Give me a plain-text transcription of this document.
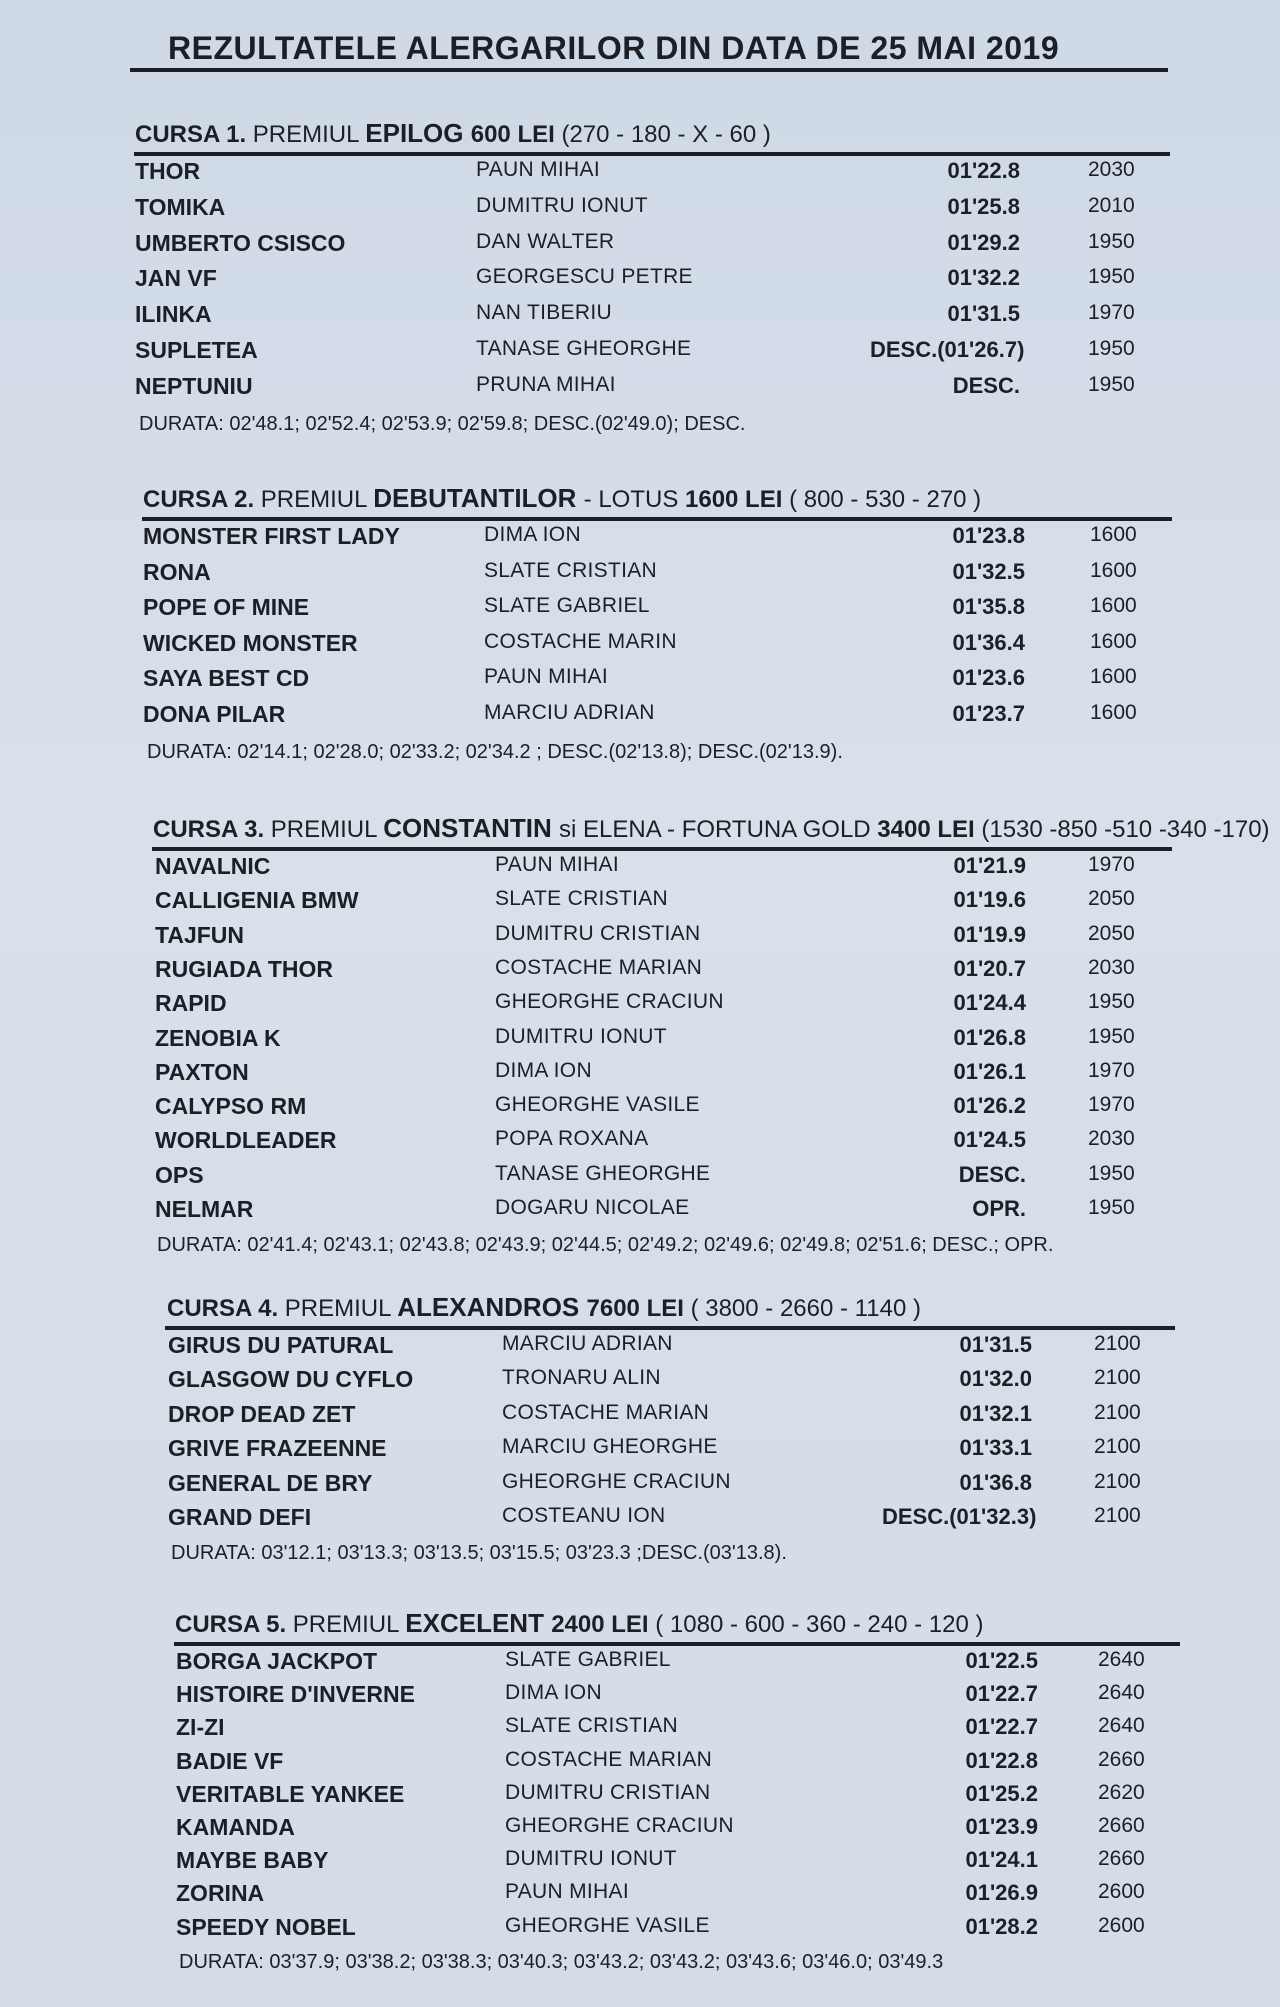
REZULTATELE ALERGARILOR DIN DATA DE 25 MAI 2019
CURSA 1. PREMIUL EPILOG 600 LEI (270 - 180 - X - 60 )
THOR	PAUN MIHAI	01'22.8	2030
TOMIKA	DUMITRU IONUT	01'25.8	2010
UMBERTO CSISCO	DAN WALTER	01'29.2	1950
JAN VF	GEORGESCU PETRE	01'32.2	1950
ILINKA	NAN TIBERIU	01'31.5	1970
SUPLETEA	TANASE GHEORGHE	DESC.(01'26.7)	1950
NEPTUNIU	PRUNA MIHAI	DESC.	1950
DURATA: 02'48.1; 02'52.4; 02'53.9; 02'59.8; DESC.(02'49.0); DESC.
CURSA 2. PREMIUL DEBUTANTILOR - LOTUS 1600 LEI ( 800 - 530 - 270 )
MONSTER FIRST LADY	DIMA ION	01'23.8	1600
RONA	SLATE CRISTIAN	01'32.5	1600
POPE OF MINE	SLATE GABRIEL	01'35.8	1600
WICKED MONSTER	COSTACHE MARIN	01'36.4	1600
SAYA BEST CD	PAUN MIHAI	01'23.6	1600
DONA PILAR	MARCIU ADRIAN	01'23.7	1600
DURATA: 02'14.1; 02'28.0; 02'33.2; 02'34.2 ; DESC.(02'13.8); DESC.(02'13.9).
CURSA 3. PREMIUL CONSTANTIN si ELENA - FORTUNA GOLD 3400 LEI (1530 -850 -510 -340 -170)
NAVALNIC	PAUN MIHAI	01'21.9	1970
CALLIGENIA BMW	SLATE CRISTIAN	01'19.6	2050
TAJFUN	DUMITRU CRISTIAN	01'19.9	2050
RUGIADA THOR	COSTACHE MARIAN	01'20.7	2030
RAPID	GHEORGHE CRACIUN	01'24.4	1950
ZENOBIA K	DUMITRU IONUT	01'26.8	1950
PAXTON	DIMA ION	01'26.1	1970
CALYPSO RM	GHEORGHE VASILE	01'26.2	1970
WORLDLEADER	POPA ROXANA	01'24.5	2030
OPS	TANASE GHEORGHE	DESC.	1950
NELMAR	DOGARU NICOLAE	OPR.	1950
DURATA: 02'41.4; 02'43.1; 02'43.8; 02'43.9; 02'44.5; 02'49.2; 02'49.6; 02'49.8; 02'51.6; DESC.; OPR.
CURSA 4. PREMIUL ALEXANDROS 7600 LEI ( 3800 - 2660 - 1140 )
GIRUS DU PATURAL	MARCIU ADRIAN	01'31.5	2100
GLASGOW DU CYFLO	TRONARU ALIN	01'32.0	2100
DROP DEAD ZET	COSTACHE MARIAN	01'32.1	2100
GRIVE FRAZEENNE	MARCIU GHEORGHE	01'33.1	2100
GENERAL DE BRY	GHEORGHE CRACIUN	01'36.8	2100
GRAND DEFI	COSTEANU ION	DESC.(01'32.3)	2100
DURATA: 03'12.1; 03'13.3; 03'13.5; 03'15.5; 03'23.3 ;DESC.(03'13.8).
CURSA 5. PREMIUL EXCELENT 2400 LEI ( 1080 - 600 - 360 - 240 - 120 )
BORGA JACKPOT	SLATE GABRIEL	01'22.5	2640
HISTOIRE D'INVERNE	DIMA ION	01'22.7	2640
ZI-ZI	SLATE CRISTIAN	01'22.7	2640
BADIE VF	COSTACHE MARIAN	01'22.8	2660
VERITABLE YANKEE	DUMITRU CRISTIAN	01'25.2	2620
KAMANDA	GHEORGHE CRACIUN	01'23.9	2660
MAYBE BABY	DUMITRU IONUT	01'24.1	2660
ZORINA	PAUN MIHAI	01'26.9	2600
SPEEDY NOBEL	GHEORGHE VASILE	01'28.2	2600
DURATA: 03'37.9; 03'38.2; 03'38.3; 03'40.3; 03'43.2; 03'43.2; 03'43.6; 03'46.0; 03'49.3
